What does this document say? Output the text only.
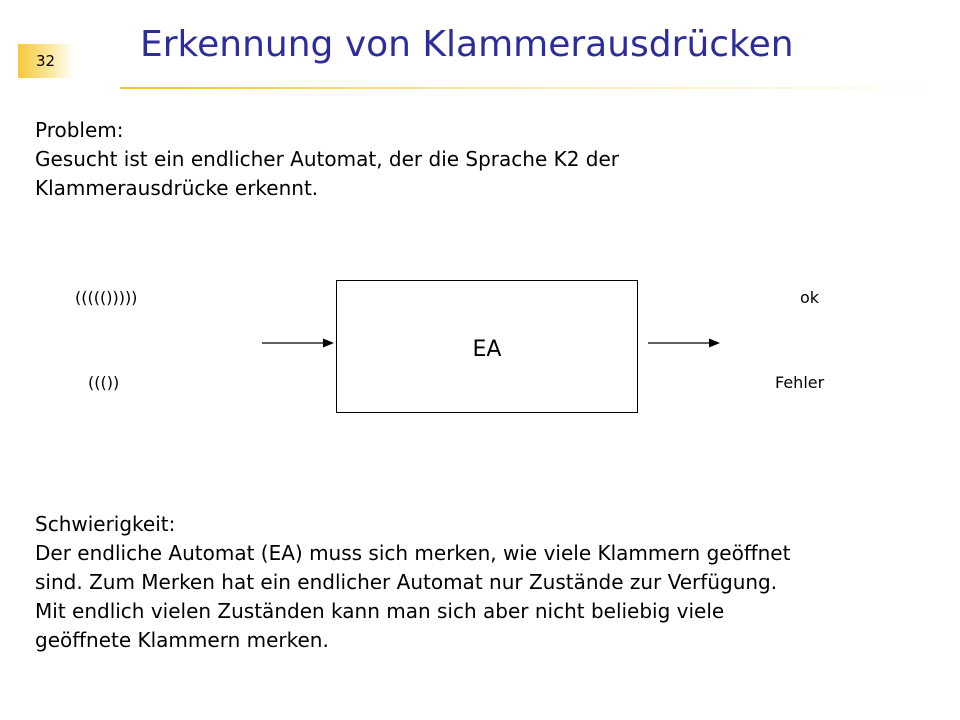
32	Erkennung von Klammerausdrücken
Problem:
Gesucht ist ein endlicher Automat, der die Sprache K2 der
Klammerausdrücke erkennt.
((((()))))
((())
EA
ok
Fehler
Schwierigkeit:
Der endliche Automat (EA) muss sich merken, wie viele Klammern geöffnet
sind. Zum Merken hat ein endlicher Automat nur Zustände zur Verfügung.
Mit endlich vielen Zuständen kann man sich aber nicht beliebig viele
geöffnete Klammern merken.
